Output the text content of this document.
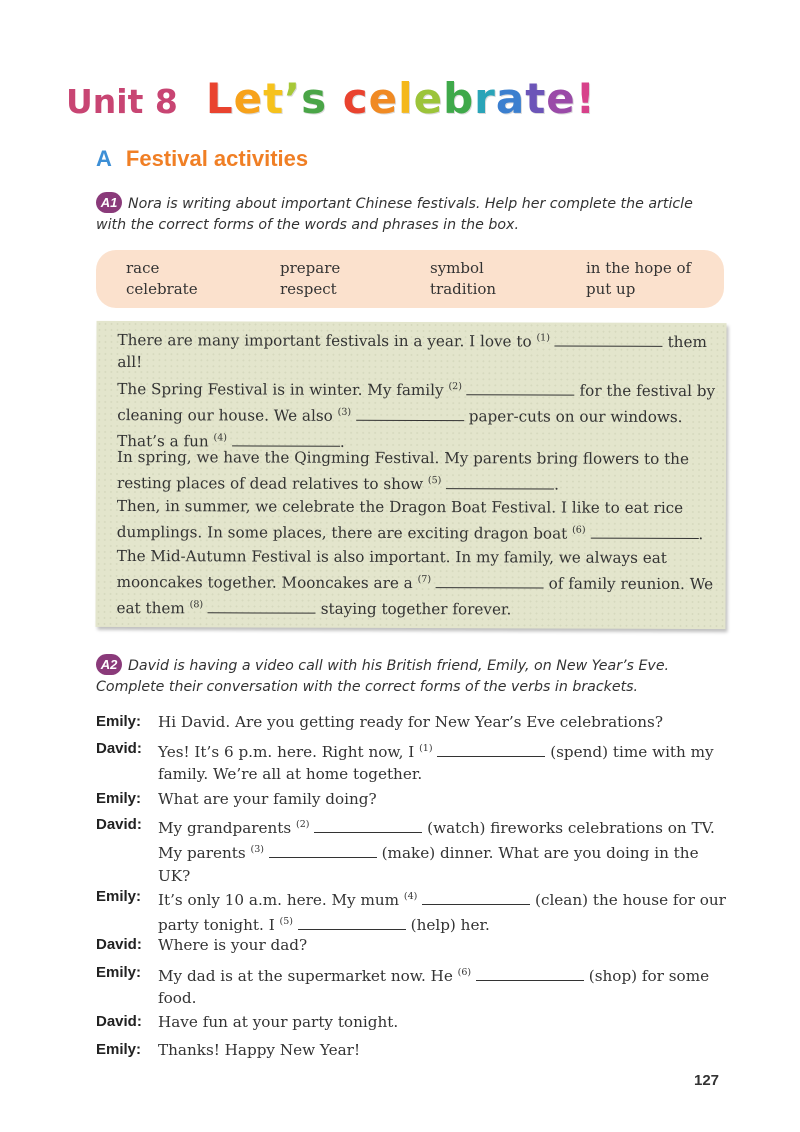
Unit 8 Let’s celebrate!
A Festival activities
A1 Nora is writing about important Chinese festivals. Help her complete the article with the correct forms of the words and phrases in the box.
race	prepare	symbol	in the hope of
celebrate	respect	tradition	put up
There are many important festivals in a year. I love to $^{(1)}$	them all!
The Spring Festival is in winter. My family $^{(2)}$	for the festival by cleaning our house. We also $^{(3)}$	paper-cuts on our windows. That’s a fun $^{(4)}$	.
In spring, we have the Qingming Festival. My parents bring flowers to the resting places of dead relatives to show $^{(5)}$	.
Then, in summer, we celebrate the Dragon Boat Festival. I like to eat rice dumplings. In some places, there are exciting dragon boat $^{(6)}$	.
The Mid-Autumn Festival is also important. In my family, we always eat mooncakes together. Mooncakes are a $^{(7)}$	of family reunion. We eat them $^{(8)}$	staying together forever.
A2 David is having a video call with his British friend, Emily, on New Year’s Eve. Complete their conversation with the correct forms of the verbs in brackets.
Emily: Hi David. Are you getting ready for New Year’s Eve celebrations?
David: Yes! It’s 6 p.m. here. Right now, I $^{(1)}$	(spend) time with my family. We’re all at home together.
Emily: What are your family doing?
David: My grandparents $^{(2)}$	(watch) fireworks celebrations on TV. My parents $^{(3)}$	(make) dinner. What are you doing in the UK?
Emily: It’s only 10 a.m. here. My mum $^{(4)}$	(clean) the house for our party tonight. I $^{(5)}$	(help) her.
David: Where is your dad?
Emily: My dad is at the supermarket now. He $^{(6)}$	(shop) for some food.
David: Have fun at your party tonight.
Emily: Thanks! Happy New Year!
127
